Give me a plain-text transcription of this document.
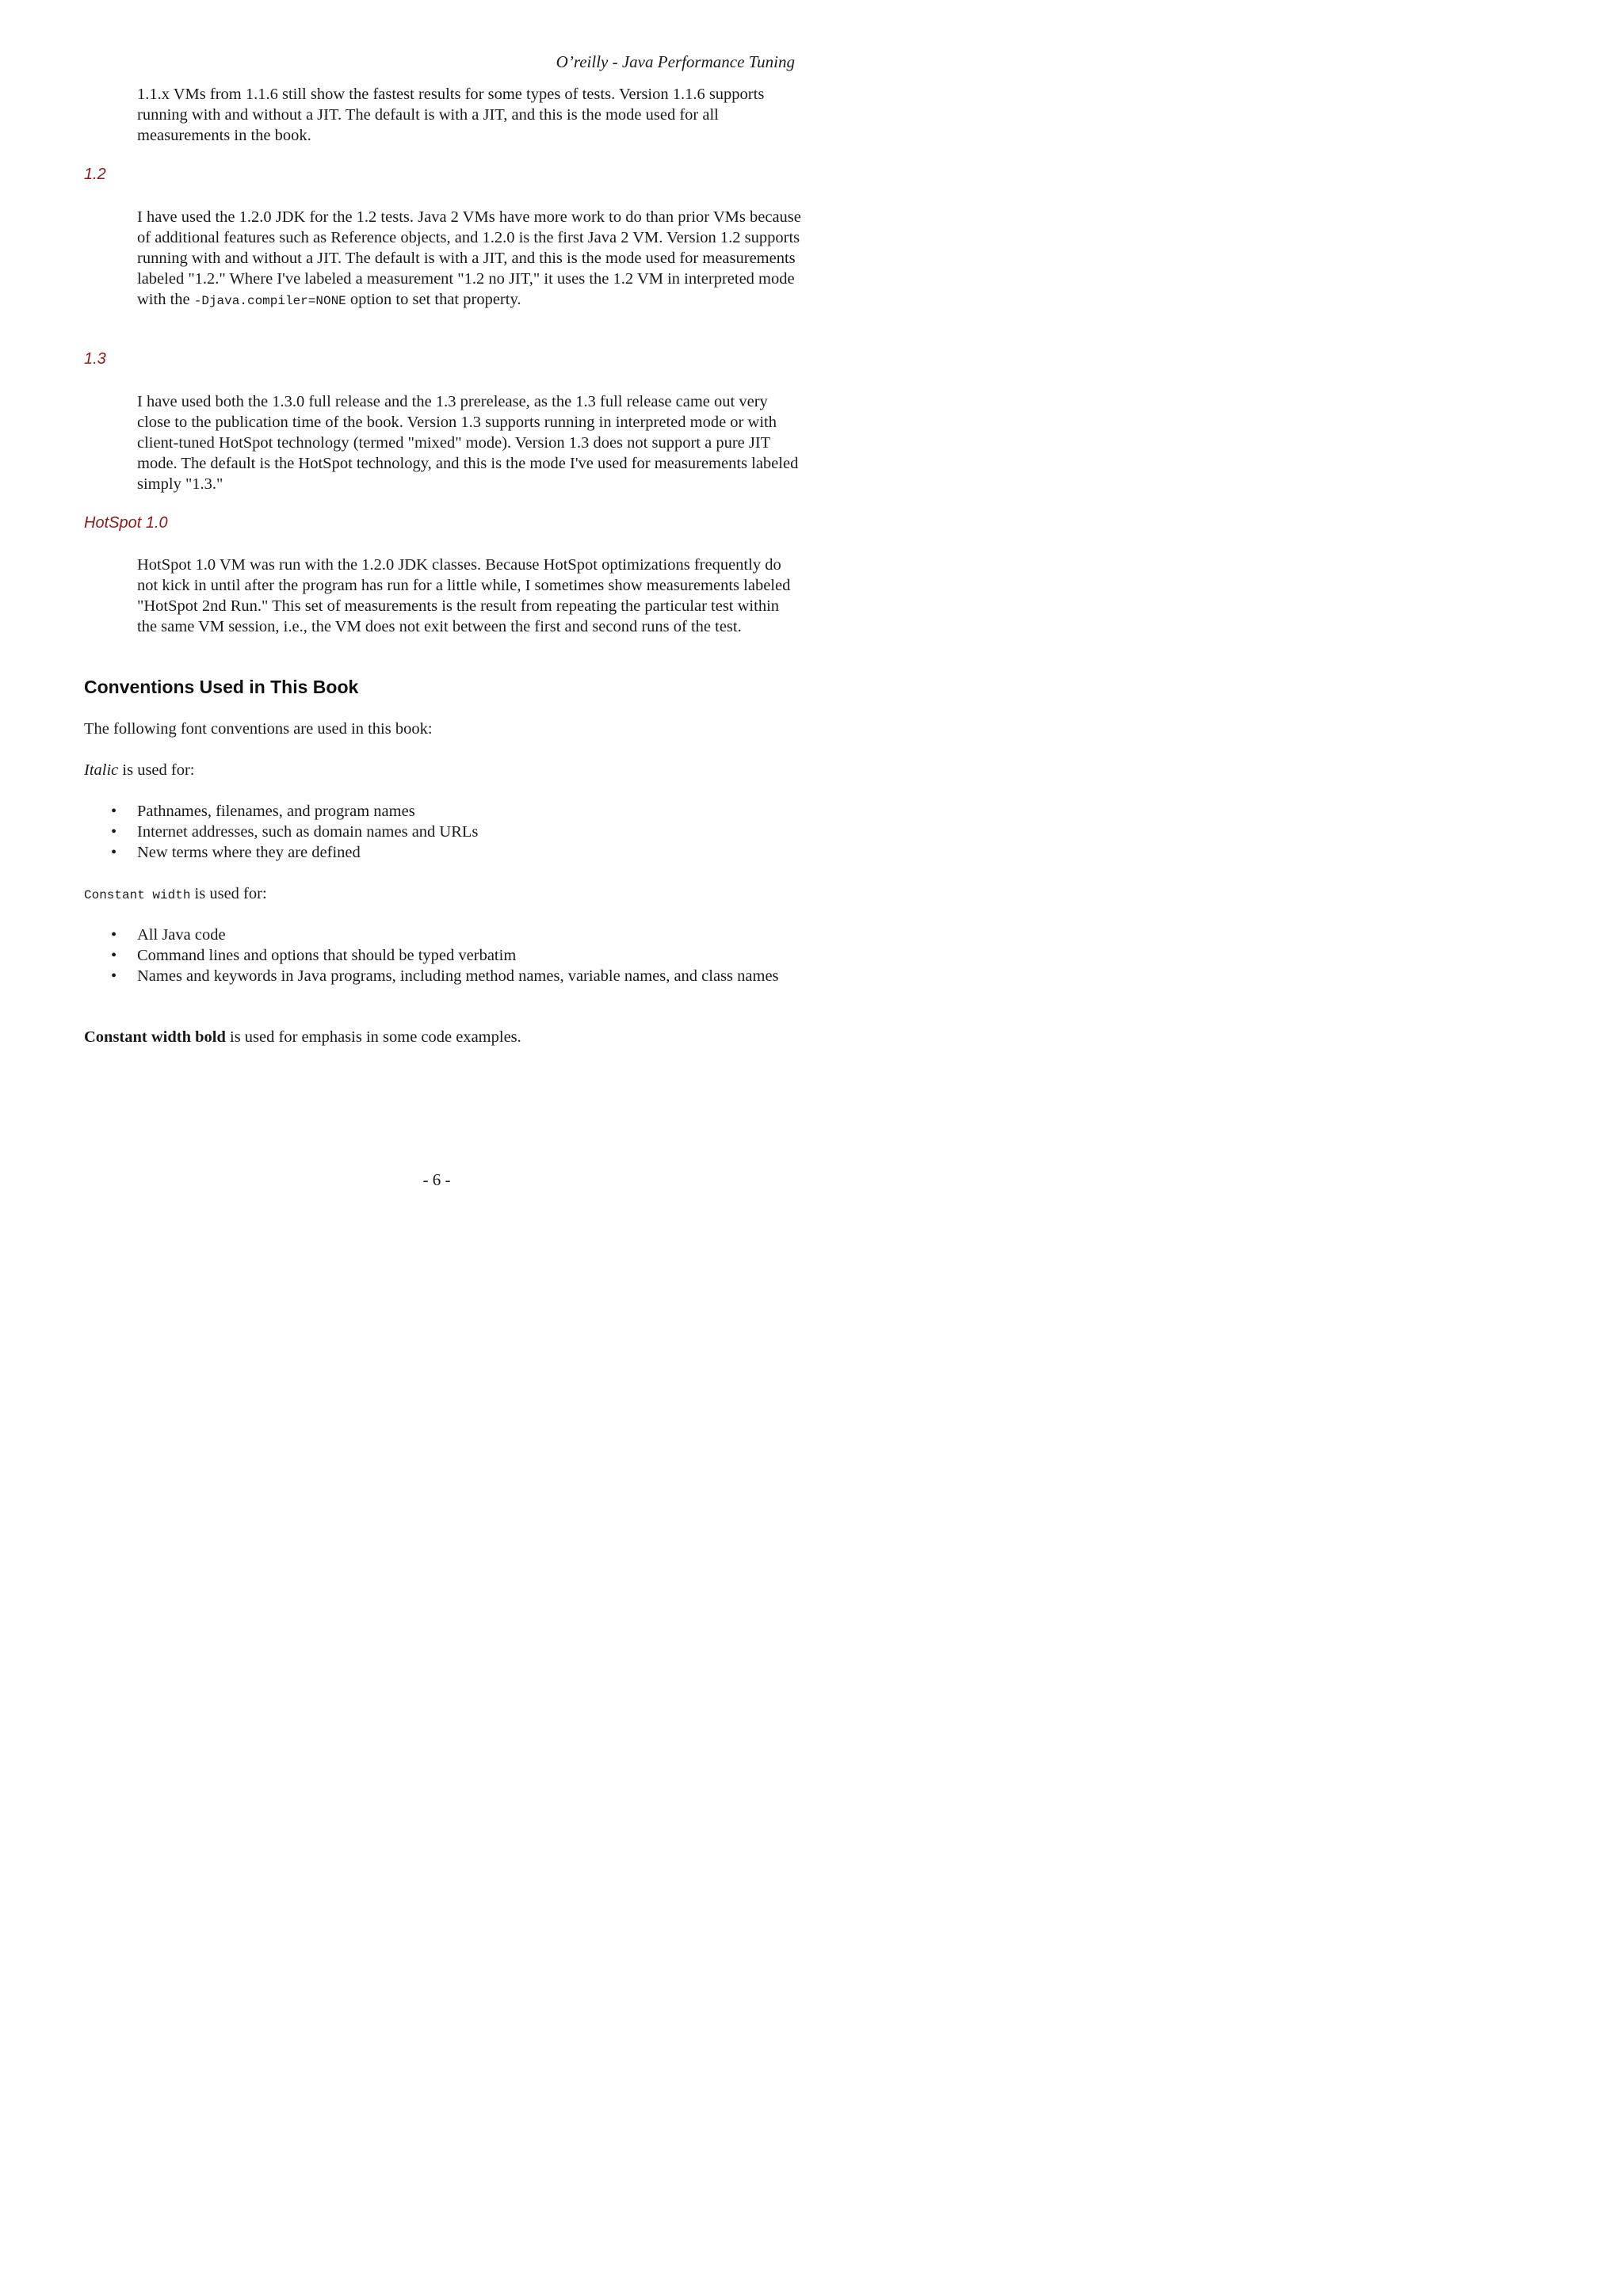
O’reilly - Java Performance Tuning

1.1.x VMs from 1.1.6 still show the fastest results for some types of tests. Version 1.1.6 supports running with and without a JIT. The default is with a JIT, and this is the mode used for all measurements in the book.

1.2

I have used the 1.2.0 JDK for the 1.2 tests. Java 2 VMs have more work to do than prior VMs because of additional features such as Reference objects, and 1.2.0 is the first Java 2 VM. Version 1.2 supports running with and without a JIT. The default is with a JIT, and this is the mode used for measurements labeled "1.2." Where I've labeled a measurement "1.2 no JIT," it uses the 1.2 VM in interpreted mode with the -Djava.compiler=NONE option to set that property.

1.3

I have used both the 1.3.0 full release and the 1.3 prerelease, as the 1.3 full release came out very close to the publication time of the book. Version 1.3 supports running in interpreted mode or with client-tuned HotSpot technology (termed "mixed" mode). Version 1.3 does not support a pure JIT mode. The default is the HotSpot technology, and this is the mode I've used for measurements labeled simply "1.3."

HotSpot 1.0

HotSpot 1.0 VM was run with the 1.2.0 JDK classes. Because HotSpot optimizations frequently do not kick in until after the program has run for a little while, I sometimes show measurements labeled "HotSpot 2nd Run." This set of measurements is the result from repeating the particular test within the same VM session, i.e., the VM does not exit between the first and second runs of the test.

Conventions Used in This Book

The following font conventions are used in this book:

Italic is used for:

• Pathnames, filenames, and program names
• Internet addresses, such as domain names and URLs
• New terms where they are defined

Constant width is used for:

• All Java code
• Command lines and options that should be typed verbatim
• Names and keywords in Java programs, including method names, variable names, and class names

Constant width bold is used for emphasis in some code examples.

- 6 -
